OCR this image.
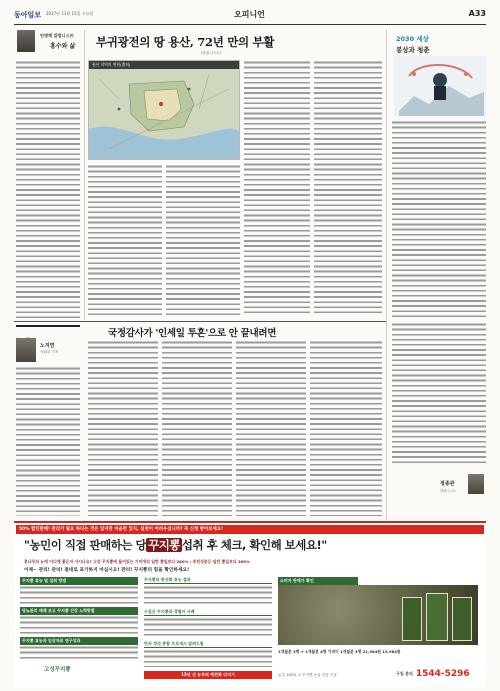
동아일보 2017년 11월 15일 수요일	오피니언	A33
안병해 칼럼니스트
홍수와 삶 부귀광전의 땅 용산, 72년 만의 부활
(칼럼니스트)
용산 지역의 변천(출처)
2030 세상
봉상과 청춘
노지연
사회부 기자
국정감사가 '인세일 투혼'으로 안 끝내려면
정종관
칼럼니스트
50% 할인판매! 관리가 필요 하다는 것은 알지만 마음만 있지, 실천이 어려우십니까? 꼭 신청 받아보세요!
"농민이 직접 판매하는 당 꾸지뽕 섭취 후 체크, 확인해 보세요!"
봉나무의 뉴에 어디에 좋은지 아시나요? 고성 꾸지뽕에 들어있는 기미에의 일반 뽕잎보다 280% / 루틴성분은 일반 뽕잎보다 300%
이제~ 관리! 관리! 절대로 포기하지 마십시오! 관리! 꾸지뽕의 힘을 확인하세요!
꾸지뽕 효능 및 섭취 방법
당뇨관리 매체 보고 꾸지뽕 건강 노력방법
꾸지뽕 효능과 임상자료 연구성과
고성꾸지뽕
꾸지뽕의 항산화 효능 결과
수집산 꾸지뽕과 경험자 사례
먼저 정성 종합 프로세스 알려드림
15년 선 농부의 예전쪽 다지기
소비자 판매가 확인
1개월분 3병 + 1개월분 4병 가격이 1개월분 3병 21,984원 15,984원
농부 100% 고 꾸지뽕 농업 인증 기술	구입 문의 1544-5296
